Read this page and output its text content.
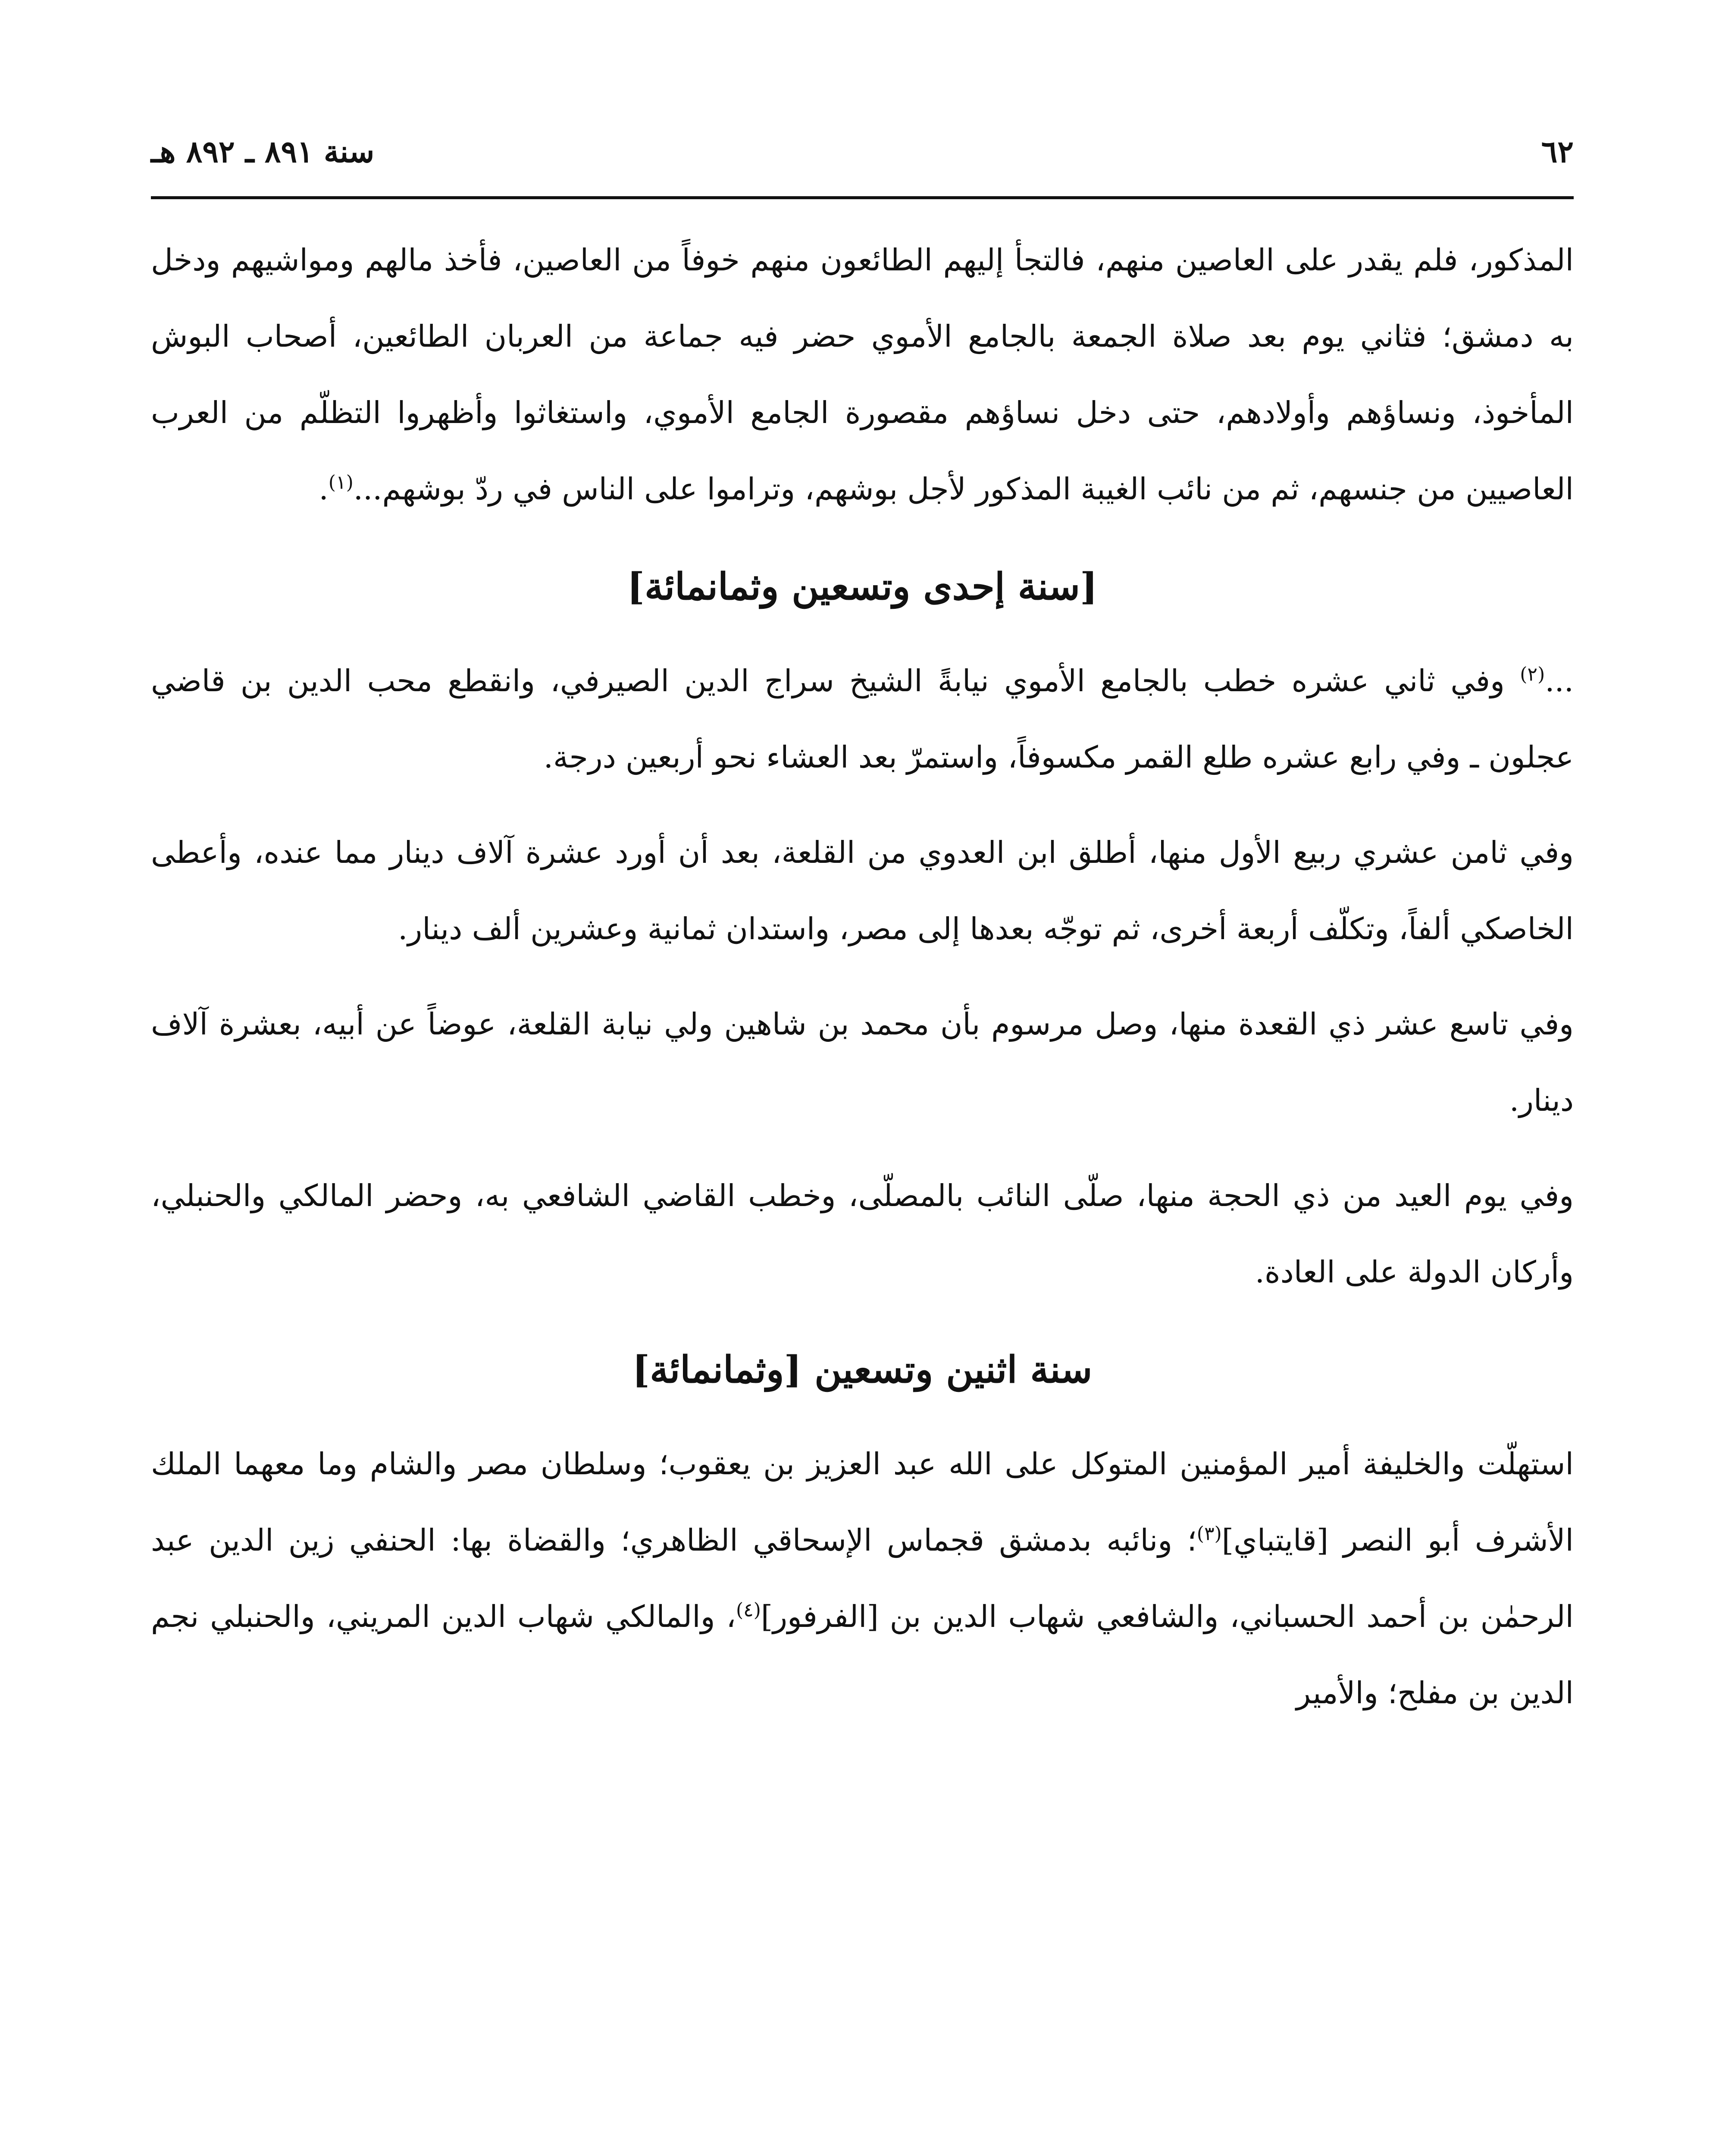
٦٢
سنة ٨٩١ ـ ٨٩٢ هـ

المذكور، فلم يقدر على العاصين منهم، فالتجأ إليهم الطائعون منهم خوفاً من العاصين، فأخذ مالهم ومواشيهم ودخل به دمشق؛ فثاني يوم بعد صلاة الجمعة بالجامع الأموي حضر فيه جماعة من العربان الطائعين، أصحاب البوش المأخوذ، ونساؤهم وأولادهم، حتى دخل نساؤهم مقصورة الجامع الأموي، واستغاثوا وأظهروا التظلّم من العرب العاصيين من جنسهم، ثم من نائب الغيبة المذكور لأجل بوشهم، وتراموا على الناس في ردّ بوشهم...$^{(١)}$.

[سنة إحدى وتسعين وثمانمائة]

...$^{(٢)}$ وفي ثاني عشره خطب بالجامع الأموي نيابةً الشيخ سراج الدين الصيرفي، وانقطع محب الدين بن قاضي عجلون ـ وفي رابع عشره طلع القمر مكسوفاً، واستمرّ بعد العشاء نحو أربعين درجة.

وفي ثامن عشري ربيع الأول منها، أطلق ابن العدوي من القلعة، بعد أن أورد عشرة آلاف دينار مما عنده، وأعطى الخاصكي ألفاً، وتكلّف أربعة أخرى، ثم توجّه بعدها إلى مصر، واستدان ثمانية وعشرين ألف دينار.

وفي تاسع عشر ذي القعدة منها، وصل مرسوم بأن محمد بن شاهين ولي نيابة القلعة، عوضاً عن أبيه، بعشرة آلاف دينار.

وفي يوم العيد من ذي الحجة منها، صلّى النائب بالمصلّى، وخطب القاضي الشافعي به، وحضر المالكي والحنبلي، وأركان الدولة على العادة.

سنة اثنين وتسعين [وثمانمائة]

استهلّت والخليفة أمير المؤمنين المتوكل على الله عبد العزيز بن يعقوب؛ وسلطان مصر والشام وما معهما الملك الأشرف أبو النصر [قايتباي]$^{(٣)}$؛ ونائبه بدمشق قجماس الإسحاقي الظاهري؛ والقضاة بها: الحنفي زين الدين عبد الرحمٰن بن أحمد الحسباني، والشافعي شهاب الدين بن [الفرفور]$^{(٤)}$، والمالكي شهاب الدين المريني، والحنبلي نجم الدين بن مفلح؛ والأمير
